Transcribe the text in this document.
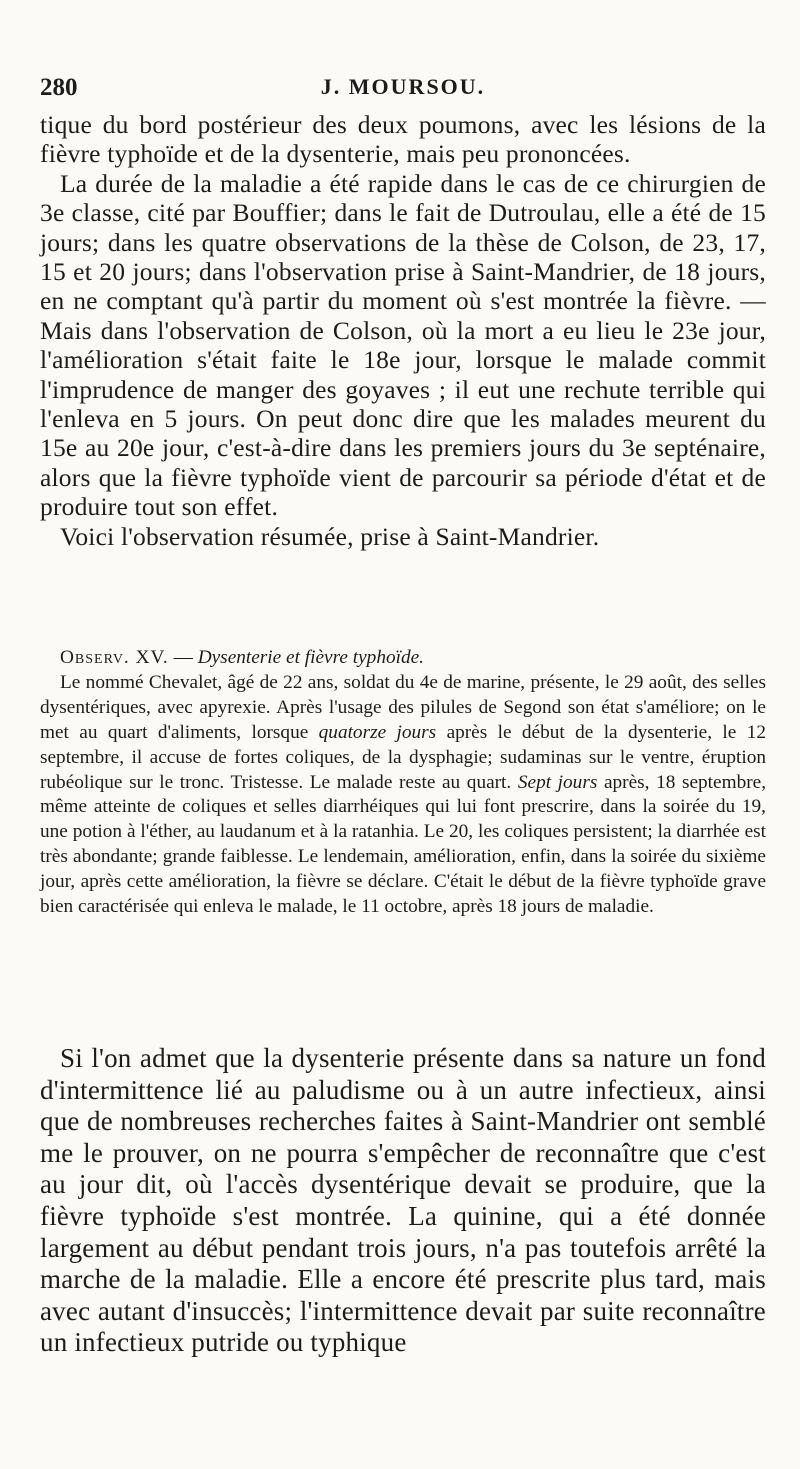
280	J. MOURSOU.

tique du bord postérieur des deux poumons, avec les lésions de la fièvre typhoïde et de la dysenterie, mais peu prononcées.

La durée de la maladie a été rapide dans le cas de ce chirurgien de 3e classe, cité par Bouffier; dans le fait de Dutroulau, elle a été de 15 jours; dans les quatre observations de la thèse de Colson, de 23, 17, 15 et 20 jours; dans l'observation prise à Saint-Mandrier, de 18 jours, en ne comptant qu'à partir du moment où s'est montrée la fièvre. — Mais dans l'observation de Colson, où la mort a eu lieu le 23e jour, l'amélioration s'était faite le 18e jour, lorsque le malade commit l'imprudence de manger des goyaves ; il eut une rechute terrible qui l'enleva en 5 jours. On peut donc dire que les malades meurent du 15e au 20e jour, c'est-à-dire dans les premiers jours du 3e septénaire, alors que la fièvre typhoïde vient de parcourir sa période d'état et de produire tout son effet.

Voici l'observation résumée, prise à Saint-Mandrier.

Observ. XV. — Dysenterie et fièvre typhoïde.
Le nommé Chevalet, âgé de 22 ans, soldat du 4e de marine, présente, le 29 août, des selles dysentériques, avec apyrexie. Après l'usage des pilules de Segond son état s'améliore; on le met au quart d'aliments, lorsque quatorze jours après le début de la dysenterie, le 12 septembre, il accuse de fortes coliques, de la dysphagie; sudaminas sur le ventre, éruption rubéolique sur le tronc. Tristesse. Le malade reste au quart. Sept jours après, 18 septembre, même atteinte de coliques et selles diarrhéiques qui lui font prescrire, dans la soirée du 19, une potion à l'éther, au laudanum et à la ratanhia. Le 20, les coliques persistent; la diarrhée est très abondante; grande faiblesse. Le lendemain, amélioration, enfin, dans la soirée du sixième jour, après cette amélioration, la fièvre se déclare. C'était le début de la fièvre typhoïde grave bien caractérisée qui enleva le malade, le 11 octobre, après 18 jours de maladie.

Si l'on admet que la dysenterie présente dans sa nature un fond d'intermittence lié au paludisme ou à un autre infectieux, ainsi que de nombreuses recherches faites à Saint-Mandrier ont semblé me le prouver, on ne pourra s'empêcher de reconnaître que c'est au jour dit, où l'accès dysentérique devait se produire, que la fièvre typhoïde s'est montrée. La quinine, qui a été donnée largement au début pendant trois jours, n'a pas toutefois arrêté la marche de la maladie. Elle a encore été prescrite plus tard, mais avec autant d'insuccès; l'intermittence devait par suite reconnaître un infectieux putride ou typhique
